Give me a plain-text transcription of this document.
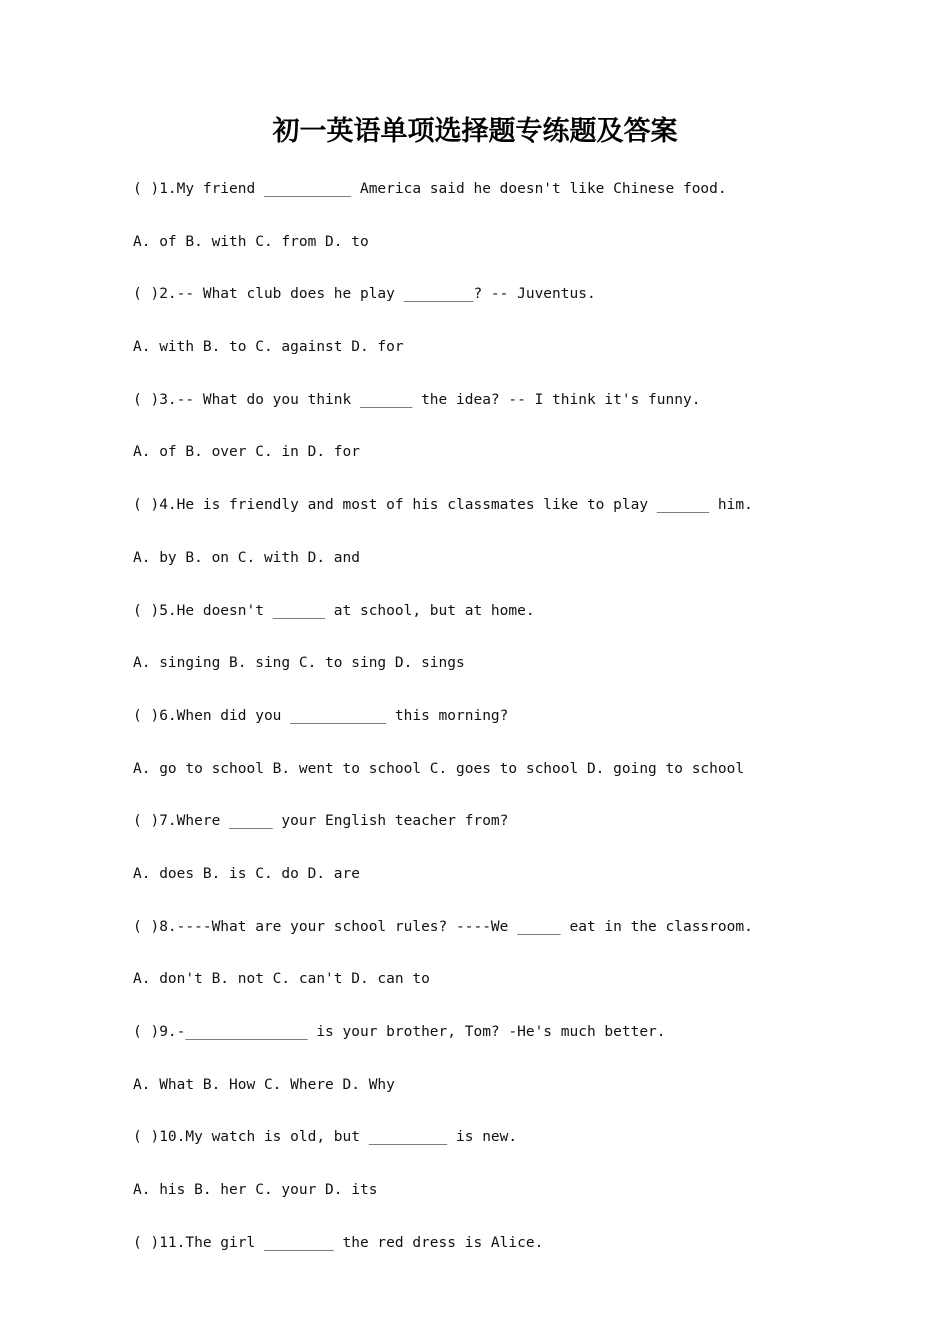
初一英语单项选择题专练题及答案
( )1.My friend __________ America said he doesn't like Chinese food.
A. of B. with C. from D. to
( )2.-- What club does he play ________? -- Juventus.
A. with B. to C. against D. for
( )3.-- What do you think ______ the idea? -- I think it's funny.
A. of B. over C. in D. for
( )4.He is friendly and most of his classmates like to play ______ him.
A. by B. on C. with D. and
( )5.He doesn't ______ at school, but at home.
A. singing B. sing C. to sing D. sings
( )6.When did you ___________ this morning?
A. go to school B. went to school C. goes to school D. going to school
( )7.Where _____ your English teacher from?
A. does B. is C. do D. are
( )8.----What are your school rules? ----We _____ eat in the classroom.
A. don't B. not C. can't D. can to
( )9.-______________ is your brother, Tom? -He's much better.
A. What B. How C. Where D. Why
( )10.My watch is old, but _________ is new.
A. his B. her C. your D. its
( )11.The girl ________ the red dress is Alice.
